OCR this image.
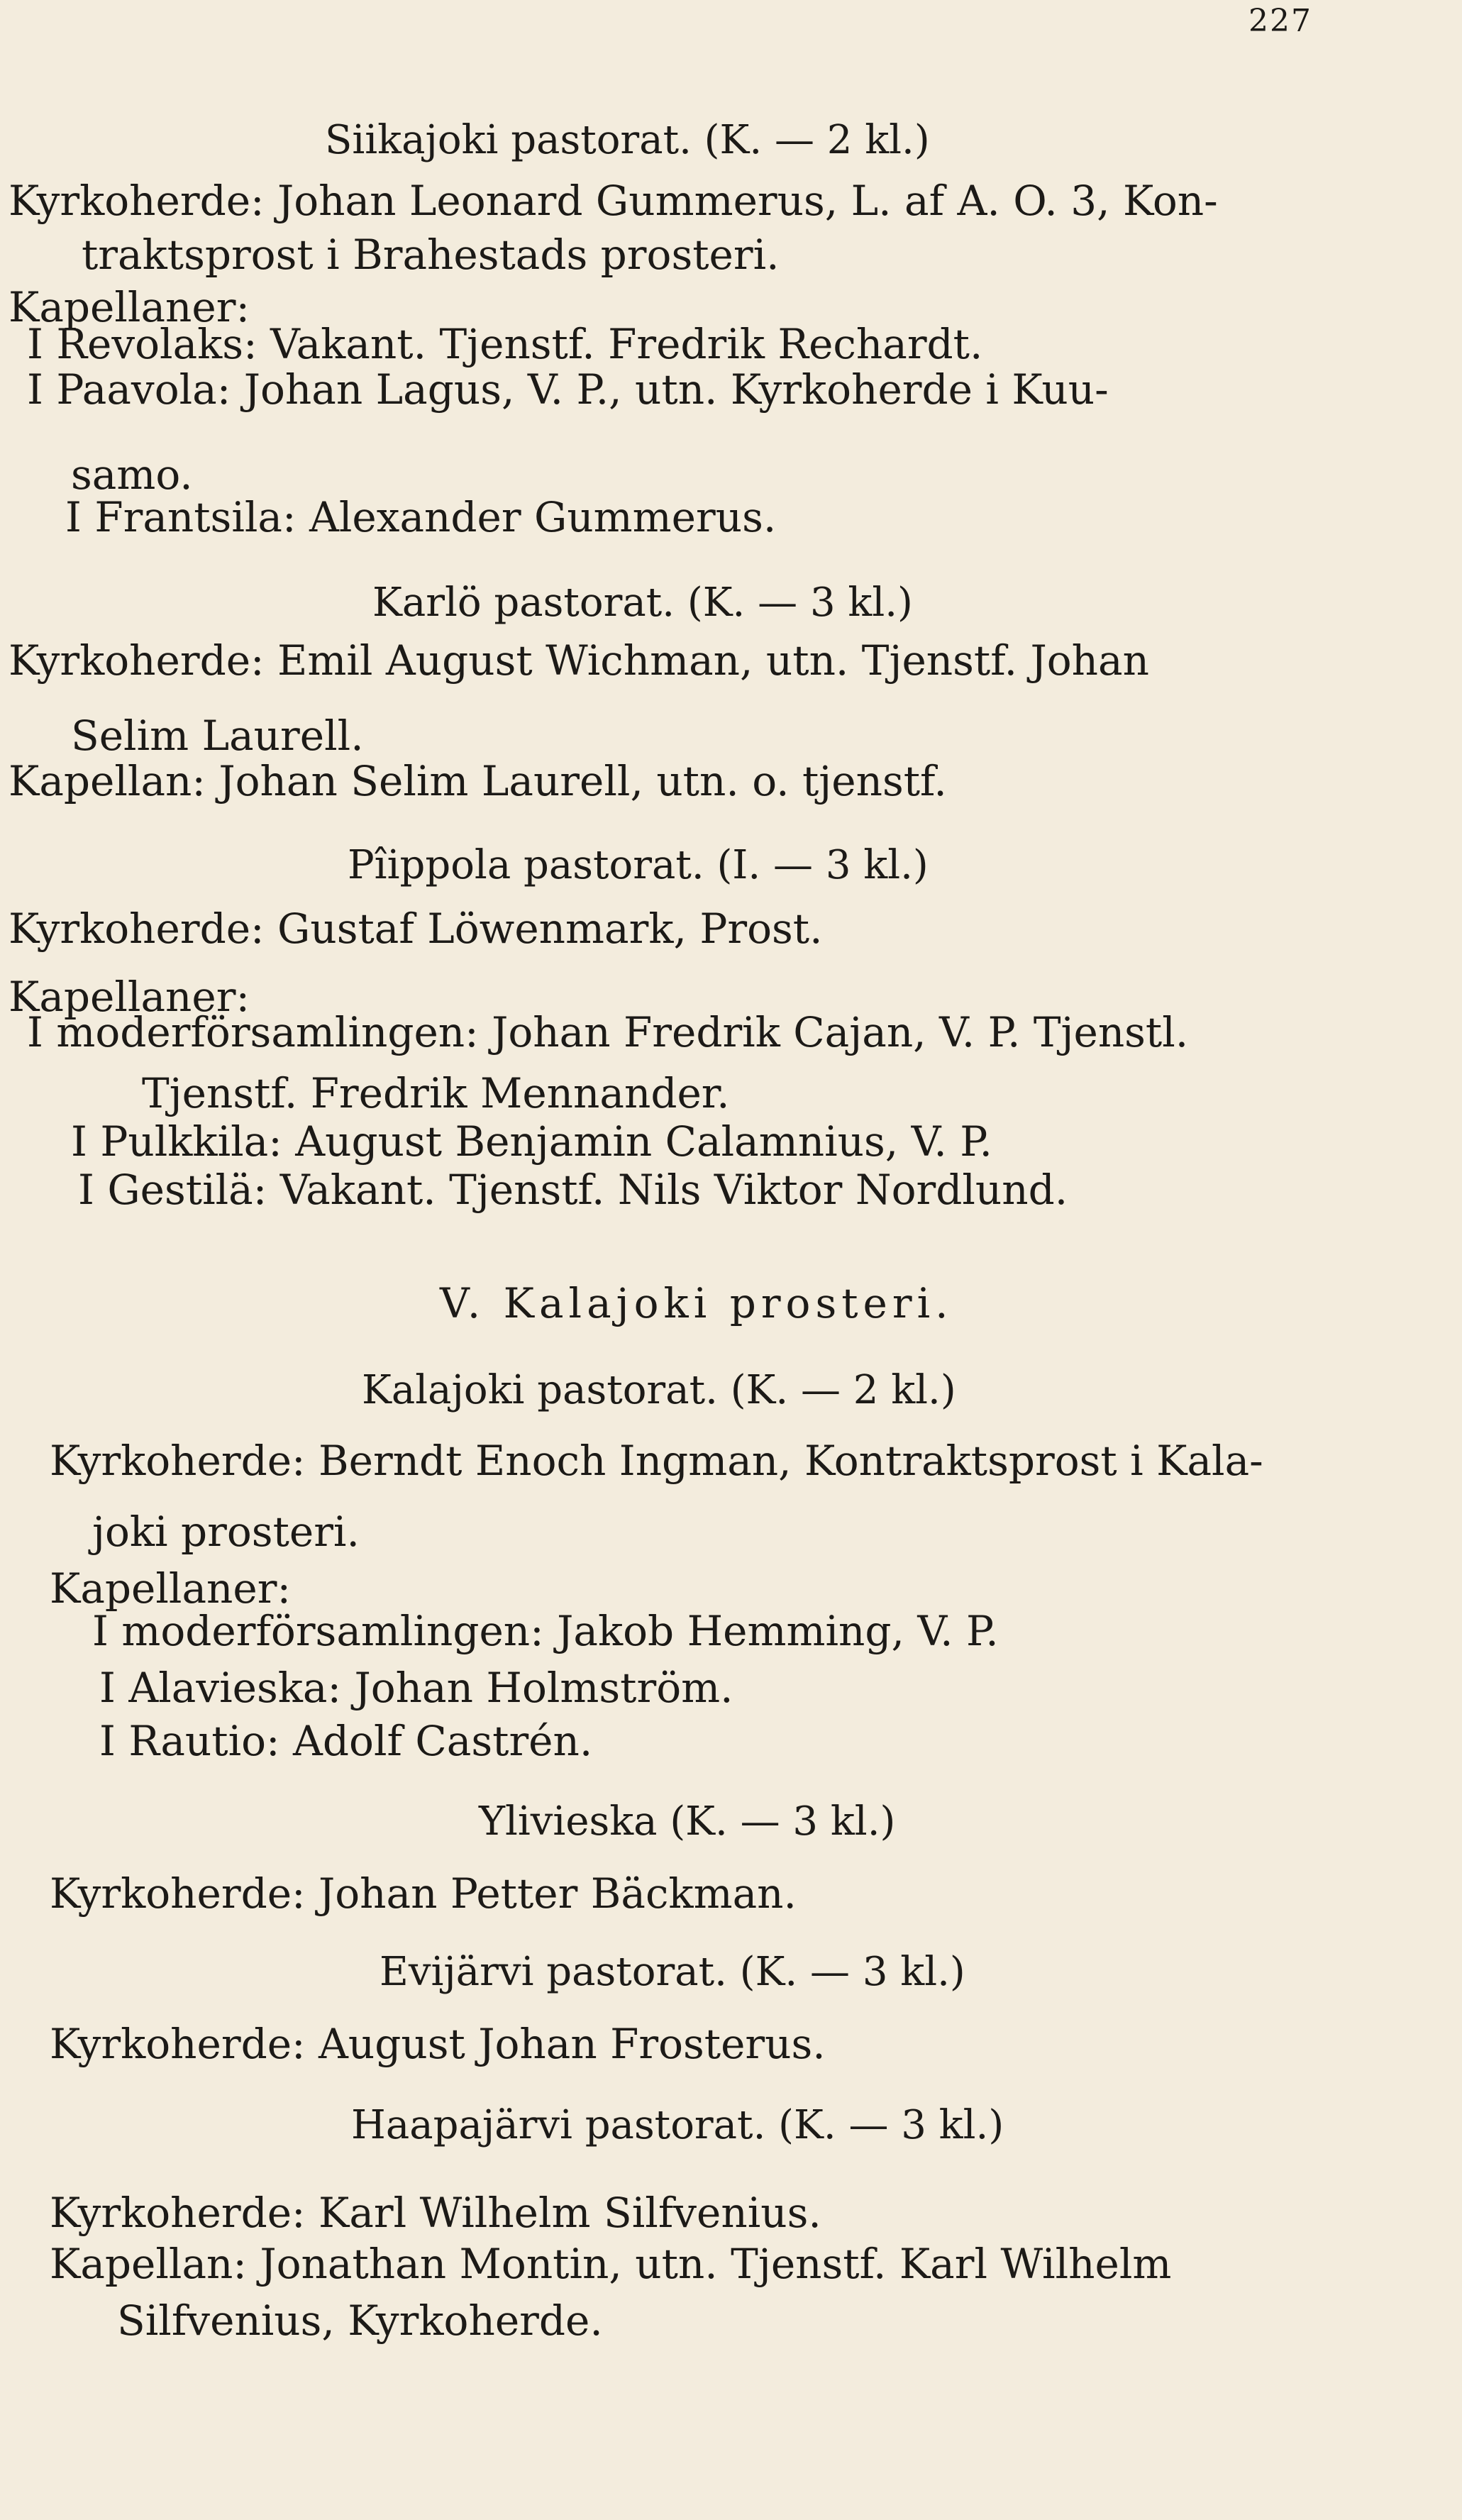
227
Siikajoki pastorat. (K. — 2 kl.)
Kyrkoherde: Johan Leonard Gummerus, L. af A. O. 3, Kon-
traktsprost i Brahestads prosteri.
Kapellaner:
I Revolaks: Vakant. Tjenstf. Fredrik Rechardt.
I Paavola: Johan Lagus, V. P., utn. Kyrkoherde i Kuu-
samo.
I Frantsila: Alexander Gummerus.
Karlö pastorat. (K. — 3 kl.)
Kyrkoherde: Emil August Wichman, utn. Tjenstf. Johan
Selim Laurell.
Kapellan: Johan Selim Laurell, utn. o. tjenstf.
Pîippola pastorat. (I. — 3 kl.)
Kyrkoherde: Gustaf Löwenmark, Prost.
Kapellaner:
I moderförsamlingen: Johan Fredrik Cajan, V. P. Tjenstl.
Tjenstf. Fredrik Mennander.
I Pulkkila: August Benjamin Calamnius, V. P.
I Gestilä: Vakant. Tjenstf. Nils Viktor Nordlund.
V. Kalajoki prosteri.
Kalajoki pastorat. (K. — 2 kl.)
Kyrkoherde: Berndt Enoch Ingman, Kontraktsprost i Kala-
joki prosteri.
Kapellaner:
I moderförsamlingen: Jakob Hemming, V. P.
I Alavieska: Johan Holmström.
I Rautio: Adolf Castrén.
Ylivieska (K. — 3 kl.)
Kyrkoherde: Johan Petter Bäckman.
Evijärvi pastorat. (K. — 3 kl.)
Kyrkoherde: August Johan Frosterus.
Haapajärvi pastorat. (K. — 3 kl.)
Kyrkoherde: Karl Wilhelm Silfvenius.
Kapellan: Jonathan Montin, utn. Tjenstf. Karl Wilhelm
Silfvenius, Kyrkoherde.
